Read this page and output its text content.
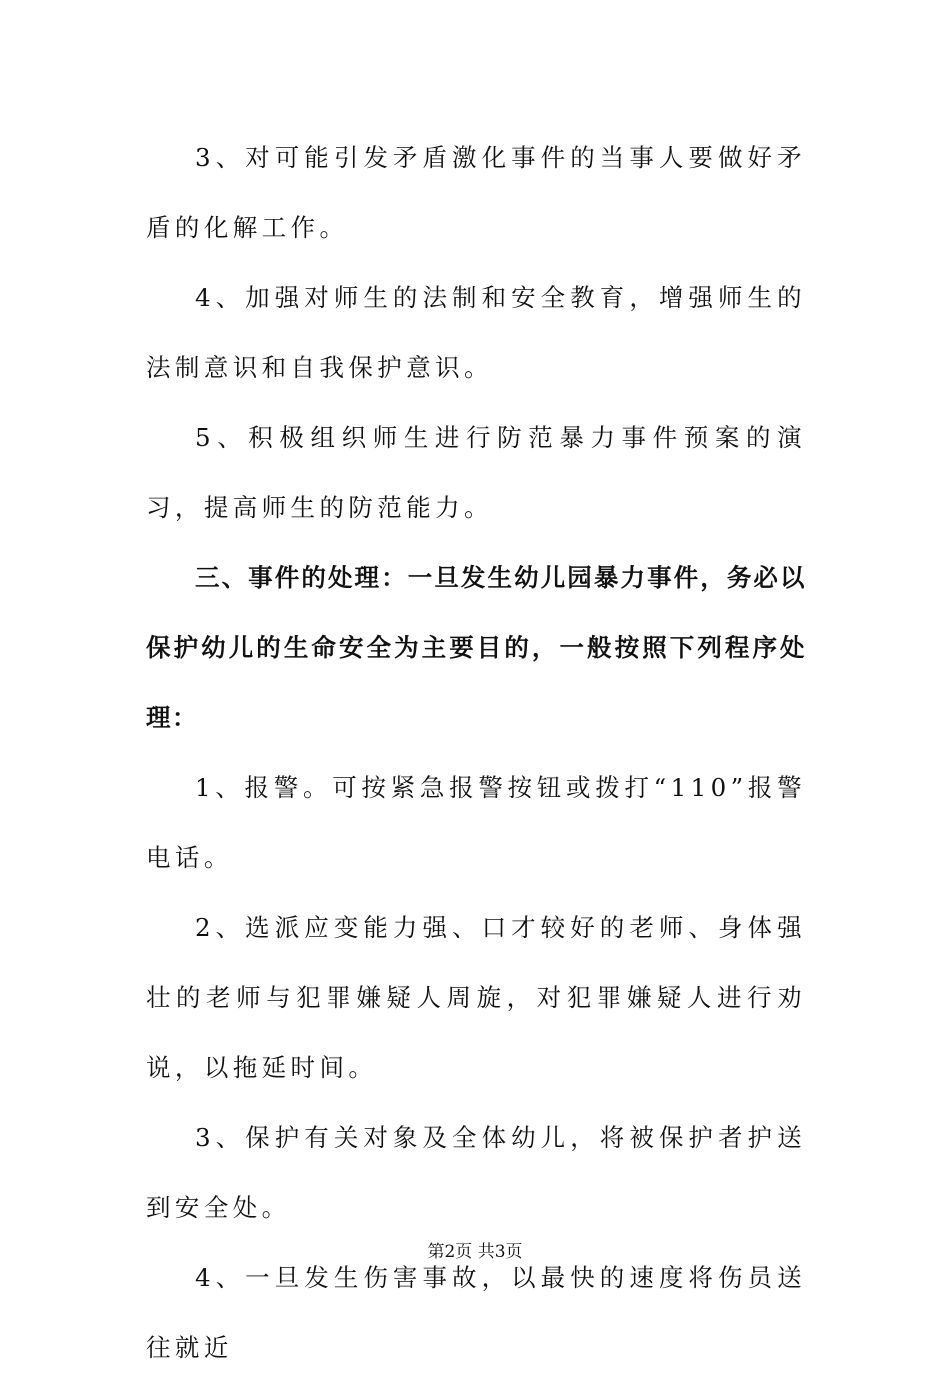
3、对可能引发矛盾激化事件的当事人要做好矛盾的化解工作。

4、加强对师生的法制和安全教育，增强师生的法制意识和自我保护意识。

5、积极组织师生进行防范暴力事件预案的演习，提高师生的防范能力。

三、事件的处理：一旦发生幼儿园暴力事件，务必以保护幼儿的生命安全为主要目的，一般按照下列程序处理：

1、报警。可按紧急报警按钮或拨打“110”报警电话。

2、选派应变能力强、口才较好的老师、身体强壮的老师与犯罪嫌疑人周旋，对犯罪嫌疑人进行劝说，以拖延时间。

3、保护有关对象及全体幼儿，将被保护者护送到安全处。

4、一旦发生伤害事故，以最快的速度将伤员送往就近

第2页 共3页
